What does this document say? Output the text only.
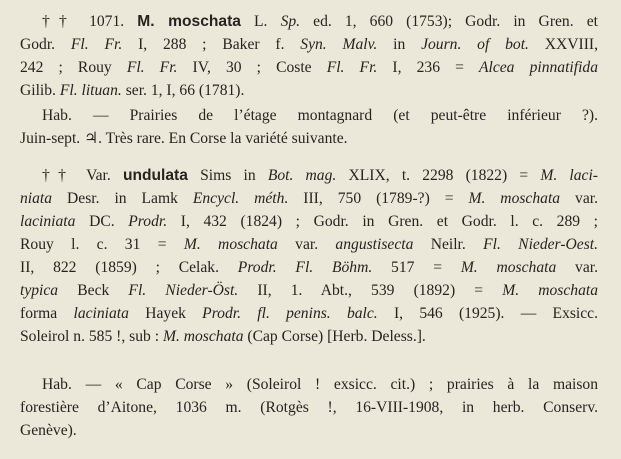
†† 1071. M. moschata L. Sp. ed. 1, 660 (1753); Godr. in Gren. et
Godr. Fl. Fr. I, 288 ; Baker f. Syn. Malv. in Journ. of bot. XXVIII,
242 ; Rouy Fl. Fr. IV, 30 ; Coste Fl. Fr. I, 236 = Alcea pinnatifida
Gilib. Fl. lituan. ser. 1, I, 66 (1781).
Hab. — Prairies de l’étage montagnard (et peut-être inférieur ?).
Juin-sept. ♃. Très rare. En Corse la variété suivante.
†† Var. undulata Sims in Bot. mag. XLIX, t. 2298 (1822) = M. laci-
niata Desr. in Lamk Encycl. méth. III, 750 (1789-?) = M. moschata var.
laciniata DC. Prodr. I, 432 (1824) ; Godr. in Gren. et Godr. l. c. 289 ;
Rouy l. c. 31 = M. moschata var. angustisecta Neilr. Fl. Nieder-Oest.
II, 822 (1859) ; Celak. Prodr. Fl. Böhm. 517 = M. moschata var.
typica Beck Fl. Nieder-Öst. II, 1. Abt., 539 (1892) = M. moschata
forma laciniata Hayek Prodr. fl. penins. balc. I, 546 (1925). — Exsicc.
Soleirol n. 585 !, sub : M. moschata (Cap Corse) [Herb. Deless.].
Hab. — « Cap Corse » (Soleirol ! exsicc. cit.) ; prairies à la maison
forestière d’Aitone, 1036 m. (Rotgès !, 16-VIII-1908, in herb. Conserv.
Genève).
